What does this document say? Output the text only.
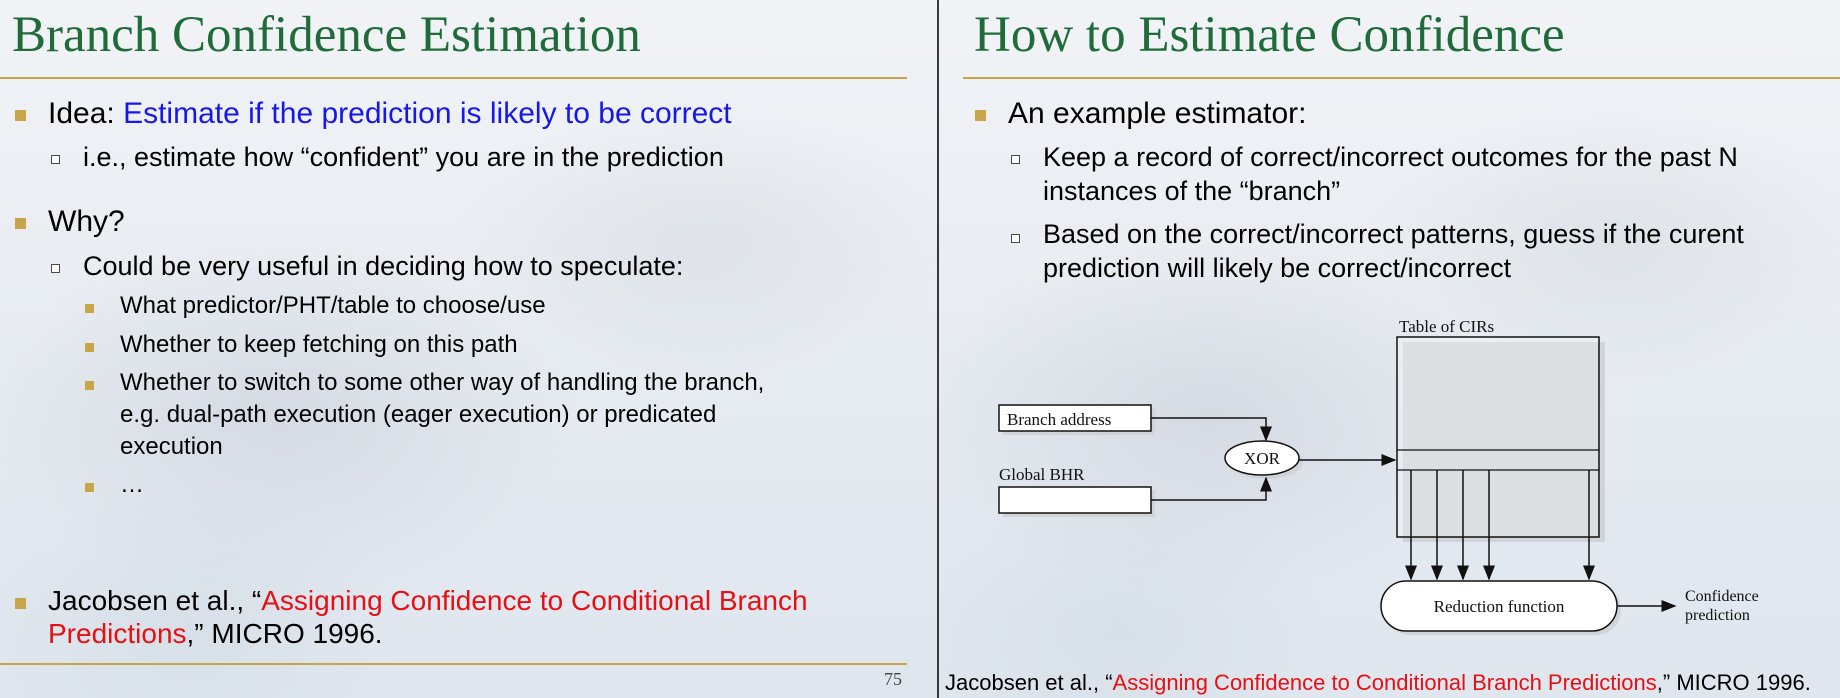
Branch Confidence Estimation
Idea: Estimate if the prediction is likely to be correct
i.e., estimate how “confident” you are in the prediction
Why?
Could be very useful in deciding how to speculate:
What predictor/PHT/table to choose/use
Whether to keep fetching on this path
Whether to switch to some other way of handling the branch,
e.g. dual-path execution (eager execution) or predicated
execution
…
Jacobsen et al., “Assigning Confidence to Conditional Branch
Predictions,” MICRO 1996.
75
How to Estimate Confidence
An example estimator:
Keep a record of correct/incorrect outcomes for the past N
instances of the “branch”
Based on the correct/incorrect patterns, guess if the curent
prediction will likely be correct/incorrect
Table of CIRs
Branch address
Global BHR
XOR
Reduction function
Confidence
prediction
Jacobsen et al., “Assigning Confidence to Conditional Branch Predictions,” MICRO 1996.
